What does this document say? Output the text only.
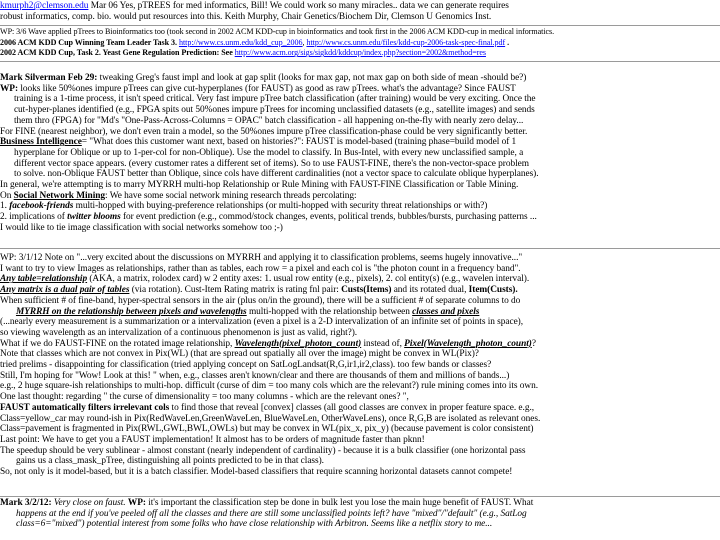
kmurph2@clemson.edu Mar 06 Yes, pTREES for med informatics, Bill! We could work so many miracles.. data we can generate requires

robust informatics, comp. bio. would put resources into this. Keith Murphy, Chair Genetics/Biochem Dir, Clemson U Genomics Inst.

WP: 3/6 Wave applied pTrees to Bioinformatics too (took second in 2002 ACM KDD-cup in bioinformatics and took first in the 2006 ACM KDD-cup in medical informatics.

2006 ACM KDD Cup Winning Team Leader Task 3. http://www.cs.unm.edu/kdd_cup_2006, http://www.cs.unm.edu/files/kdd-cup-2006-task-spec-final.pdf .

2002 ACM KDD Cup, Task 2. Yeast Gene Regulation Prediction: See http://www.acm.org/sigs/sigkdd/kddcup/index.php?section=2002&method=res

Mark Silverman Feb 29: tweaking Greg's faust impl and look at gap split (looks for max gap, not max gap on both side of mean -should be?)

WP: looks like 50%ones impure pTrees can give cut-hyperplanes (for FAUST) as good as raw pTrees. what's the advantage? Since FAUST

training is a 1-time process, it isn't speed critical. Very fast impure pTree batch classification (after training) would be very exciting. Once the

cut-hyper-planes identified (e.g., FPGA spits out 50%ones impure pTrees for incoming unclassified datasets (e.g., satellite images) and sends

them thro (FPGA) for "Md's "One-Pass-Across-Columns = OPAC" batch classification - all happening on-the-fly with nearly zero delay...

For FINE (nearest neighbor), we don't even train a model, so the 50%ones impure pTree classification-phase could be very significantly better.

Business Intelligence= "What does this customer want next, based on histories?": FAUST is model-based (training phase=build model of 1

hyperplane for Oblique or up to 1-per-col for non-Oblique). Use the model to classify. In Bus-Intel, with every new unclassified sample, a

different vector space appears. (every customer rates a different set of items). So to use FAUST-FINE, there's the non-vector-space problem

to solve. non-Oblique FAUST better than Oblique, since cols have different cardinalities (not a vector space to calculate oblique hyperplanes).

In general, we're attempting is to marry MYRRH multi-hop Relationship or Rule Mining with FAUST-FINE Classification or Table Mining.

On Social Network Mining: We have some social network mining research threads percolating:

1. facebook-friends multi-hopped with buying-preference relationships (or multi-hopped with security threat relationships or with?)

2. implications of twitter blooms for event prediction (e.g., commod/stock changes, events, political trends, bubbles/bursts, purchasing patterns ...

I would like to tie image classification with social networks somehow too ;-)

WP: 3/1/12 Note on "...very excited about the discussions on MYRRH and applying it to classification problems, seems hugely innovative..."

I want to try to view Images as relationships, rather than as tables, each row = a pixel and each col is "the photon count in a frequency band".

Any table=relationship (AKA, a matrix, rolodex card) w 2 entity axes: 1. usual row entity (e.g., pixels), 2. col entity(s) (e.g., wavelen interval).

Any matrix is a dual pair of tables (via rotation). Cust-Item Rating matrix is rating fnl pair: Custs(Items) and its rotated dual, Item(Custs).

When sufficient # of fine-band, hyper-spectral sensors in the air (plus on/in the ground), there will be a sufficient # of separate columns to do

MYRRH on the relationship between pixels and wavelengths multi-hopped with the relationship between classes and pixels

(...nearly every measurement is a summarization or a intervalization (even a pixel is a 2-D intervalization of an infinite set of points in space),

so viewing wavelength as an intervalization of a continuous phenomenon is just as valid, right?).

What if we do FAUST-FINE on the rotated image relationship, Wavelength(pixel_photon_count) instead of, Pixel(Wavelength_photon_count)?

Note that classes which are not convex in Pix(WL) (that are spread out spatially all over the image) might be convex in WL(Pix)?

tried prelims - disappointing for classification (tried applying concept on SatLogLandsat(R,G,ir1,ir2,class). too few bands or classes?

Still, I'm hoping for "Wow! Look at this! " when, e.g., classes aren't known/clear and there are thousands of them and millions of bands...)

e.g., 2 huge square-ish relationships to multi-hop. difficult (curse of dim = too many cols which are the relevant?) rule mining comes into its own.

One last thought: regarding " the curse of dimensionality = too many columns - which are the relevant ones? ",

FAUST automatically filters irrelevant cols to find those that reveal [convex] classes (all good classes are convex in proper feature space. e.g.,

Class=yellow_car may round-ish in Pix(RedWaveLen,GreenWaveLen, BlueWaveLen, OtherWaveLens), once R,G,B are isolated as relevant ones.

Class=pavement is fragmented in Pix(RWL,GWL,BWL,OWLs) but may be convex in WL(pix_x, pix_y) (because pavement is color consistent)

Last point: We have to get you a FAUST implementation! It almost has to be orders of magnitude faster than pknn!

The speedup should be very sublinear - almost constant (nearly independent of cardinality) - because it is a bulk classifier (one horizontal pass

gains us a class_mask_pTree, distinguishing all points predicted to be in that class).

So, not only is it model-based, but it is a batch classifier. Model-based classifiers that require scanning horizontal datasets cannot compete!

Mark 3/2/12: Very close on faust. WP: it's important the classification step be done in bulk lest you lose the main huge benefit of FAUST. What

happens at the end if you've peeled off all the classes and there are still some unclassified points left? have "mixed"/"default" (e.g., SatLog

class=6="mixed") potential interest from some folks who have close relationship with Arbitron. Seems like a netflix story to me...
